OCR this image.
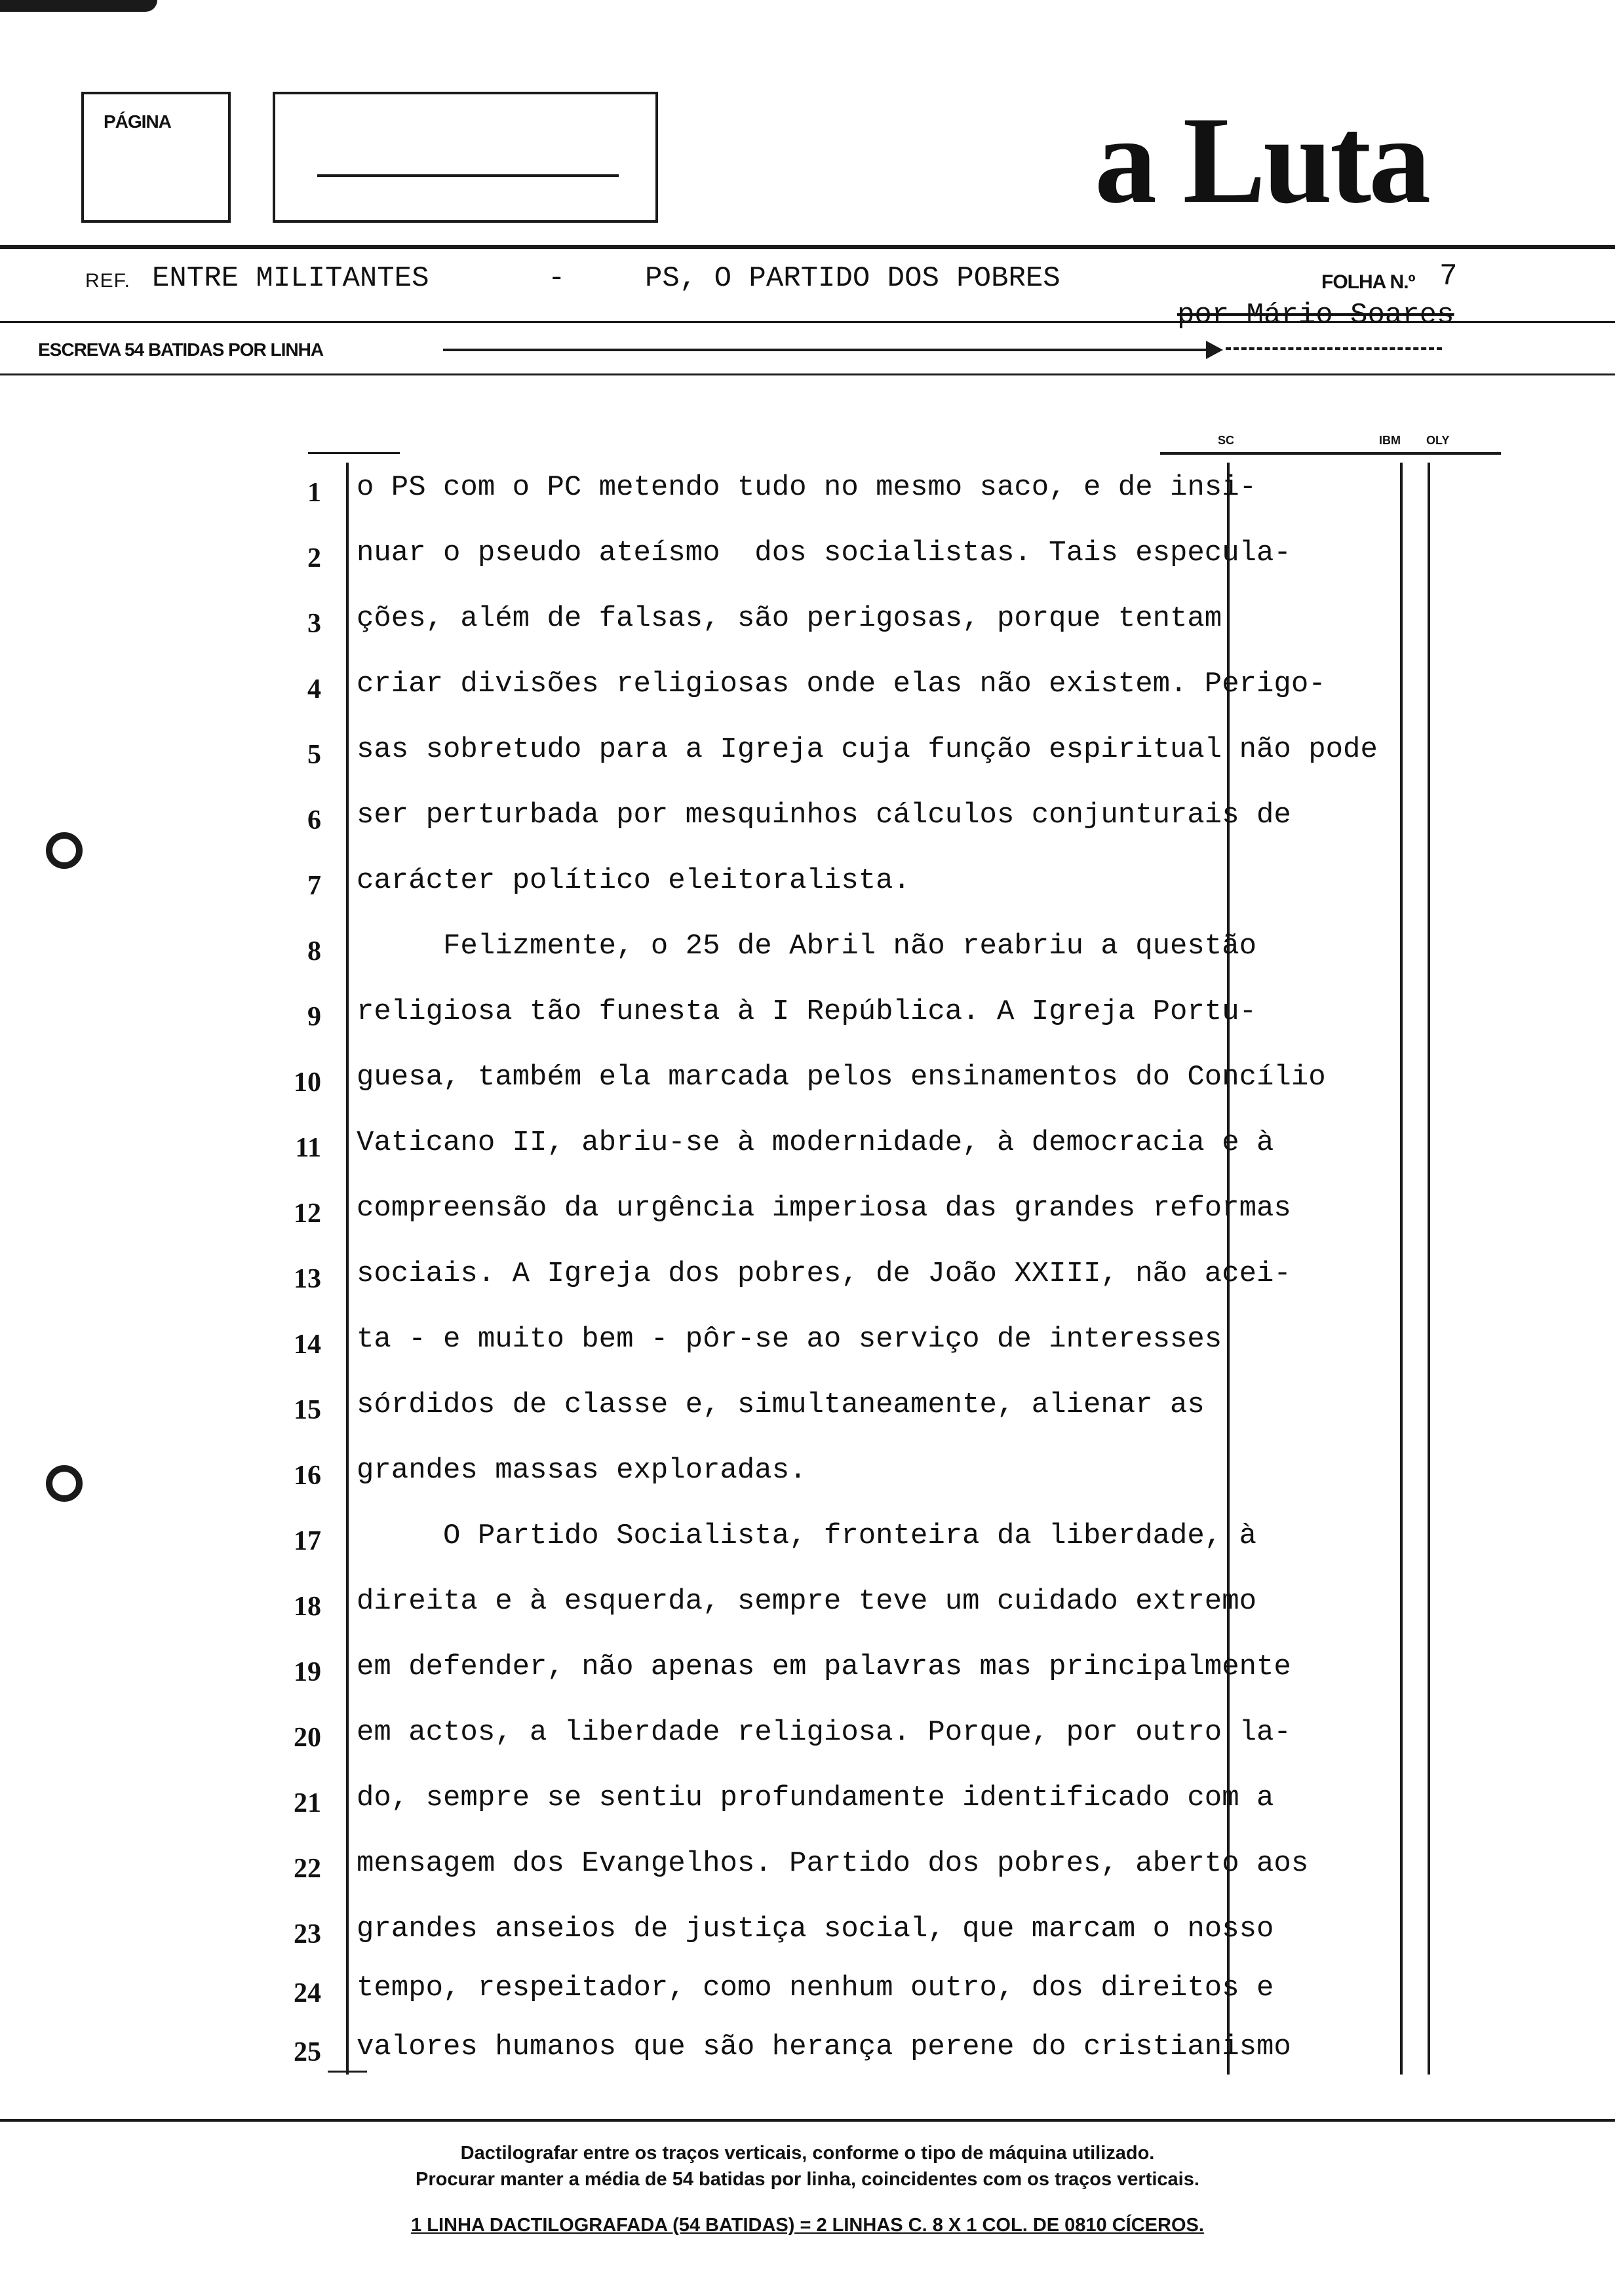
PÁGINA	a Luta
REF. ENTRE MILITANTES	-	PS, O PARTIDO DOS POBRES	FOLHA N.º 7
por Mário Soares
ESCREVA 54 BATIDAS POR LINHA
SC	IBM OLY
1 o PS com o PC metendo tudo no mesmo saco, e de insi-
2 nuar o pseudo ateísmo  dos socialistas. Tais especula-
3 ções, além de falsas, são perigosas, porque tentam
4 criar divisões religiosas onde elas não existem. Perigo-
5 sas sobretudo para a Igreja cuja função espiritual não pode
6 ser perturbada por mesquinhos cálculos conjunturais de
7 carácter político eleitoralista.
8 Felizmente, o 25 de Abril não reabriu a questão
9 religiosa tão funesta à I República. A Igreja Portu-
10 guesa, também ela marcada pelos ensinamentos do Concílio
11 Vaticano II, abriu-se à modernidade, à democracia e à
12 compreensão da urgência imperiosa das grandes reformas
13 sociais. A Igreja dos pobres, de João XXIII, não acei-
14 ta - e muito bem - pôr-se ao serviço de interesses
15 sórdidos de classe e, simultaneamente, alienar as
16 grandes massas exploradas.
17 O Partido Socialista, fronteira da liberdade, à
18 direita e à esquerda, sempre teve um cuidado extremo
19 em defender, não apenas em palavras mas principalmente
20 em actos, a liberdade religiosa. Porque, por outro la-
21 do, sempre se sentiu profundamente identificado com a
22 mensagem dos Evangelhos. Partido dos pobres, aberto aos
23 grandes anseios de justiça social, que marcam o nosso
24 tempo, respeitador, como nenhum outro, dos direitos e
25 valores humanos que são herança perene do cristianismo
Dactilografar entre os traços verticais, conforme o tipo de máquina utilizado.
Procurar manter a média de 54 batidas por linha, coincidentes com os traços verticais.
1 LINHA DACTILOGRAFADA (54 BATIDAS) = 2 LINHAS C. 8 X 1 COL. DE 0810 CÍCEROS.
